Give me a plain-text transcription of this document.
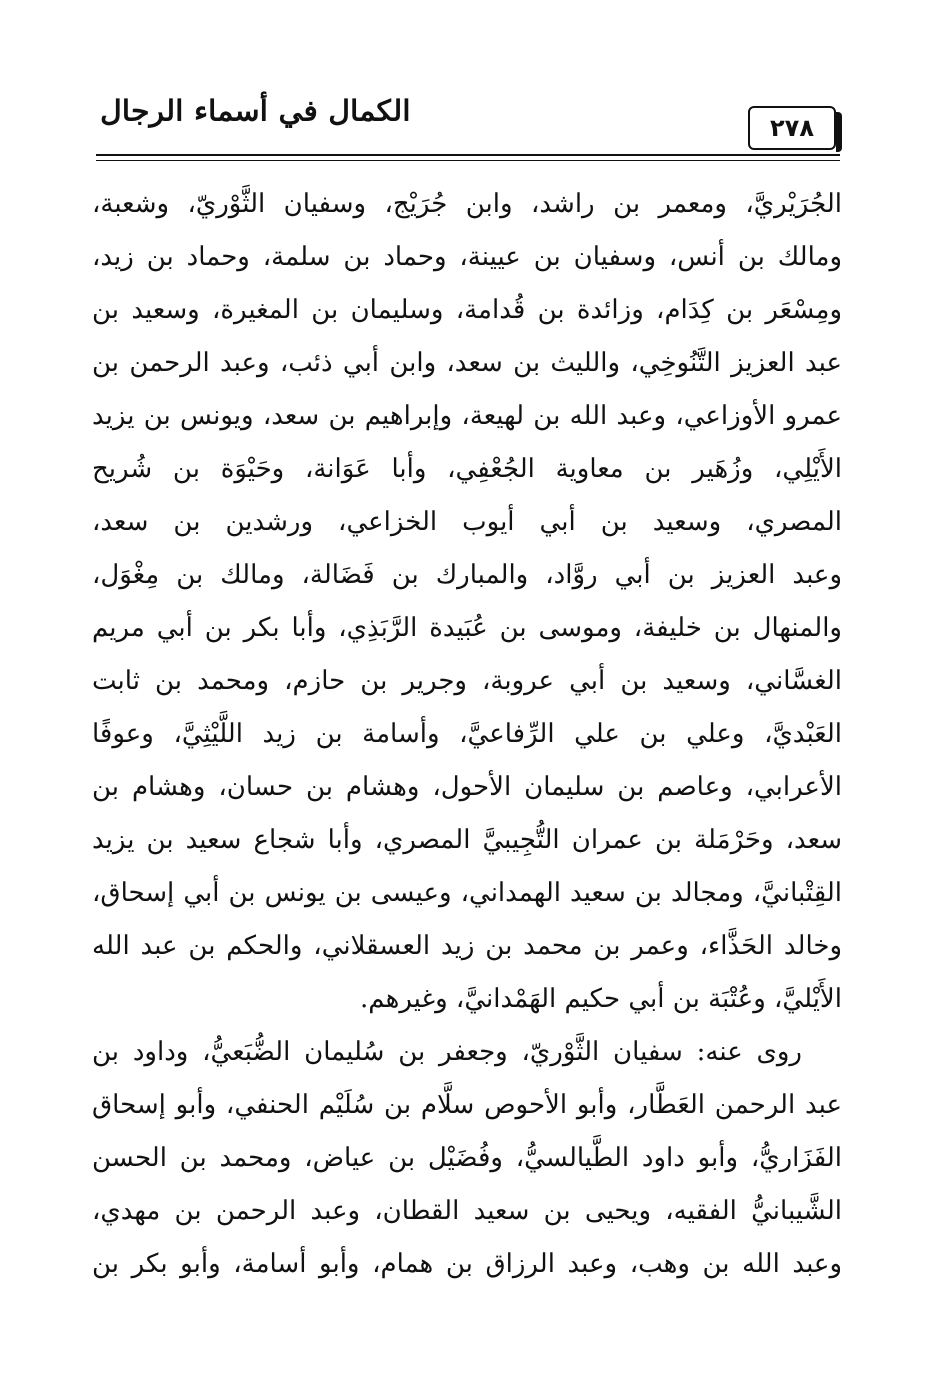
الكمال في أسماء الرجال	٢٧٨
الجُرَيْريَّ، ومعمر بن راشد، وابن جُرَيْج، وسفيان الثَّوْريّ، وشعبة،
ومالك بن أنس، وسفيان بن عيينة، وحماد بن سلمة، وحماد بن زيد،
ومِسْعَر بن كِدَام، وزائدة بن قُدامة، وسليمان بن المغيرة، وسعيد بن
عبد العزيز التَّنُوخِي، والليث بن سعد، وابن أبي ذئب، وعبد الرحمن بن
عمرو الأوزاعي، وعبد الله بن لهيعة، وإبراهيم بن سعد، ويونس بن يزيد
الأَيْلِي، وزُهَير بن معاوية الجُعْفِي، وأبا عَوَانة، وحَيْوَة بن شُريح
المصري، وسعيد بن أبي أيوب الخزاعي، ورشدين بن سعد،
وعبد العزيز بن أبي روَّاد، والمبارك بن فَضَالة، ومالك بن مِغْوَل،
والمنهال بن خليفة، وموسى بن عُبَيدة الرَّبَذِي، وأبا بكر بن أبي مريم
الغسَّاني، وسعيد بن أبي عروبة، وجرير بن حازم، ومحمد بن ثابت
العَبْديَّ، وعلي بن علي الرِّفاعيَّ، وأسامة بن زيد اللَّيْثِيَّ، وعوفًا
الأعرابي، وعاصم بن سليمان الأحول، وهشام بن حسان، وهشام بن
سعد، وحَرْمَلة بن عمران التُّجِيبيَّ المصري، وأبا شجاع سعيد بن يزيد
القِتْبانيَّ، ومجالد بن سعيد الهمداني، وعيسى بن يونس بن أبي إسحاق،
وخالد الحَذَّاء، وعمر بن محمد بن زيد العسقلاني، والحكم بن عبد الله
الأَيْليَّ، وعُتْبَة بن أبي حكيم الهَمْدانيَّ، وغيرهم.
روى عنه: سفيان الثَّوْريّ، وجعفر بن سُليمان الضُّبَعيُّ، وداود بن
عبد الرحمن العَطَّار، وأبو الأحوص سلَّام بن سُلَيْم الحنفي، وأبو إسحاق
الفَزَاريُّ، وأبو داود الطَّيالسيُّ، وفُضَيْل بن عياض، ومحمد بن الحسن
الشَّيبانيُّ الفقيه، ويحيى بن سعيد القطان، وعبد الرحمن بن مهدي،
وعبد الله بن وهب، وعبد الرزاق بن همام، وأبو أسامة، وأبو بكر بن
